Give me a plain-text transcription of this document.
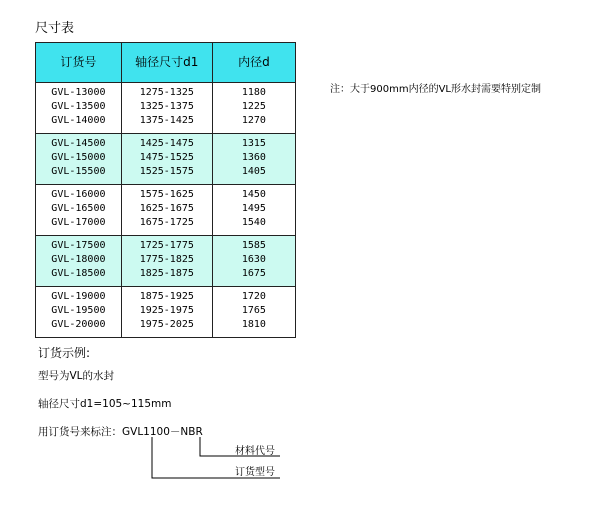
尺寸表
订货号	轴径尺寸d1	内径d
GVL-13000	1275-1325	1180
GVL-13500	1325-1375	1225
GVL-14000	1375-1425	1270
GVL-14500	1425-1475	1315
GVL-15000	1475-1525	1360
GVL-15500	1525-1575	1405
GVL-16000	1575-1625	1450
GVL-16500	1625-1675	1495
GVL-17000	1675-1725	1540
GVL-17500	1725-1775	1585
GVL-18000	1775-1825	1630
GVL-18500	1825-1875	1675
GVL-19000	1875-1925	1720
GVL-19500	1925-1975	1765
GVL-20000	1975-2025	1810
注：大于900mm内径的VL形水封需要特别定制
订货示例:
型号为VL的水封
轴径尺寸d1=105~115mm
用订货号来标注：GVL1100－NBR
材料代号
订货型号
